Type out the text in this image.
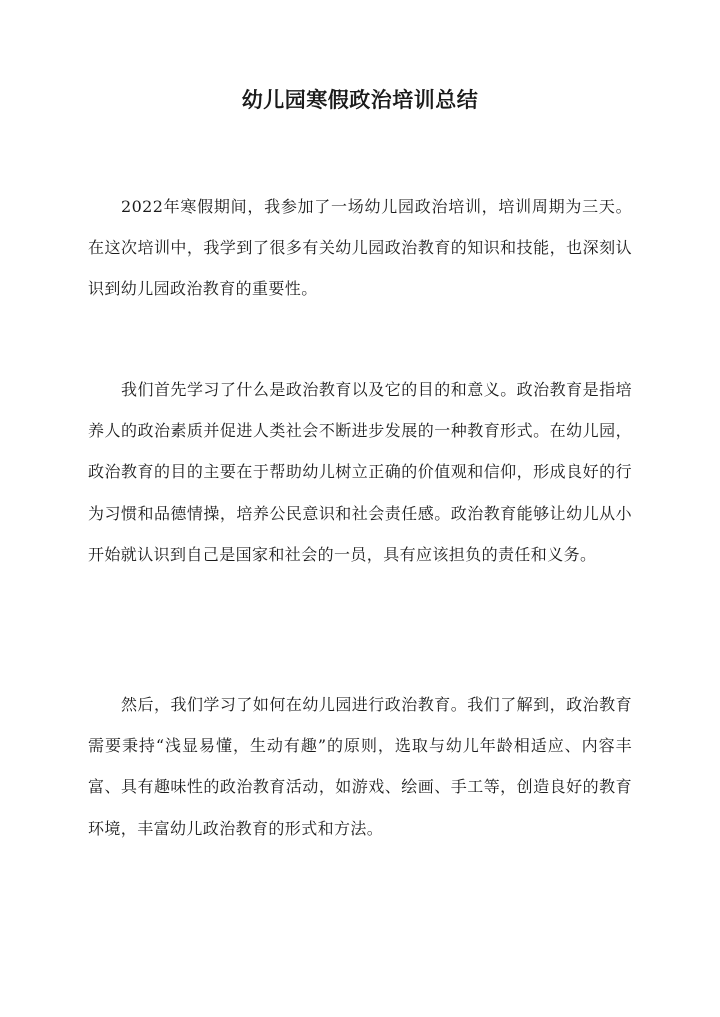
幼儿园寒假政治培训总结

2022年寒假期间，我参加了一场幼儿园政治培训，培训周期为三天。在这次培训中，我学到了很多有关幼儿园政治教育的知识和技能，也深刻认识到幼儿园政治教育的重要性。

我们首先学习了什么是政治教育以及它的目的和意义。政治教育是指培养人的政治素质并促进人类社会不断进步发展的一种教育形式。在幼儿园，政治教育的目的主要在于帮助幼儿树立正确的价值观和信仰，形成良好的行为习惯和品德情操，培养公民意识和社会责任感。政治教育能够让幼儿从小开始就认识到自己是国家和社会的一员，具有应该担负的责任和义务。

然后，我们学习了如何在幼儿园进行政治教育。我们了解到，政治教育需要秉持“浅显易懂，生动有趣”的原则，选取与幼儿年龄相适应、内容丰富、具有趣味性的政治教育活动，如游戏、绘画、手工等，创造良好的教育环境，丰富幼儿政治教育的形式和方法。
